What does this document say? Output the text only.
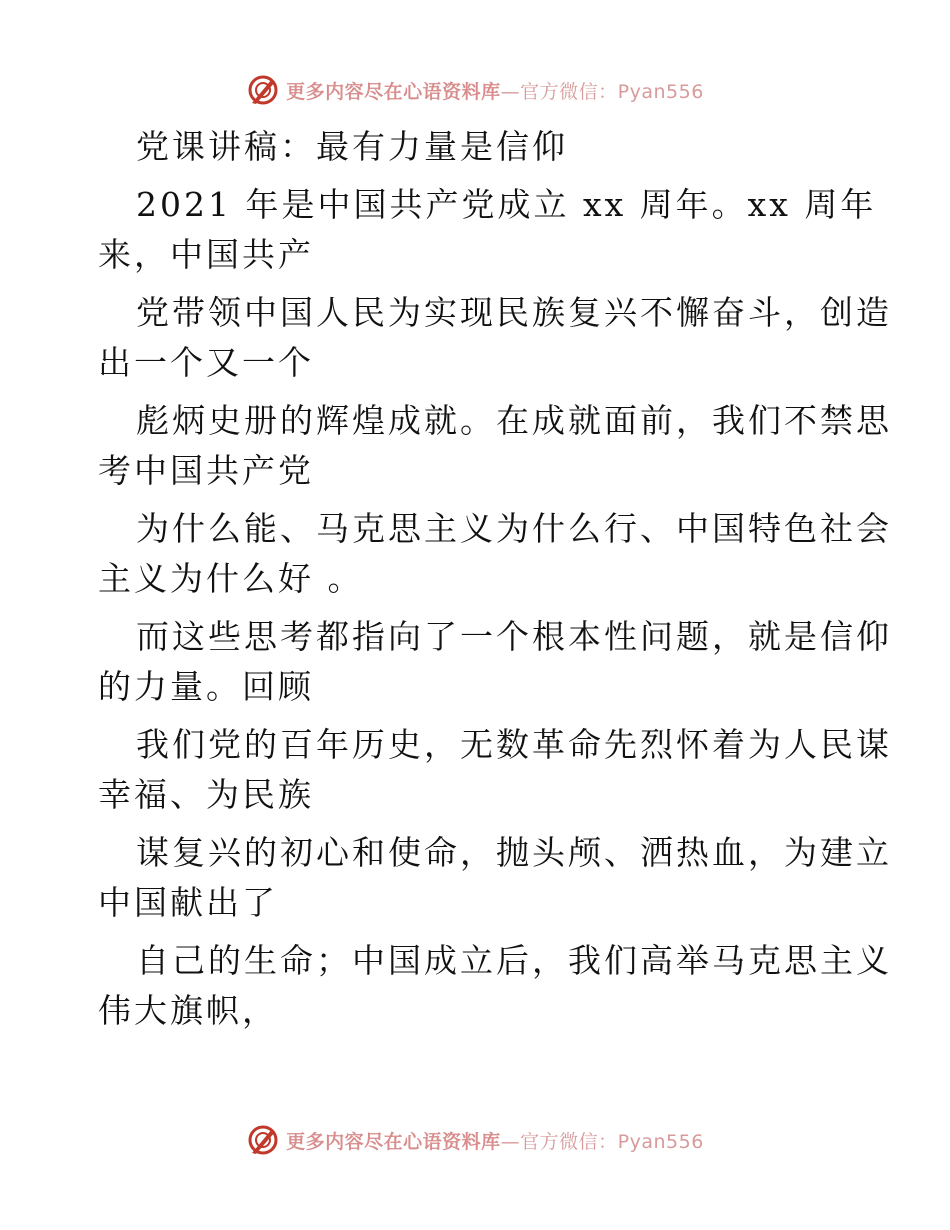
更多内容尽在心语资料库—官方微信：Pyan556
党课讲稿：最有力量是信仰
2021 年是中国共产党成立 xx 周年。xx 周年
来，中国共产
党带领中国人民为实现民族复兴不懈奋斗，创造
出一个又一个
彪炳史册的辉煌成就。在成就面前，我们不禁思
考中国共产党
为什么能、马克思主义为什么行、中国特色社会
主义为什么好 。
而这些思考都指向了一个根本性问题，就是信仰
的力量。回顾
我们党的百年历史，无数革命先烈怀着为人民谋
幸福、为民族
谋复兴的初心和使命，抛头颅、洒热血，为建立
中国献出了
自己的生命；中国成立后，我们高举马克思主义
伟大旗帜，
更多内容尽在心语资料库—官方微信：Pyan556
